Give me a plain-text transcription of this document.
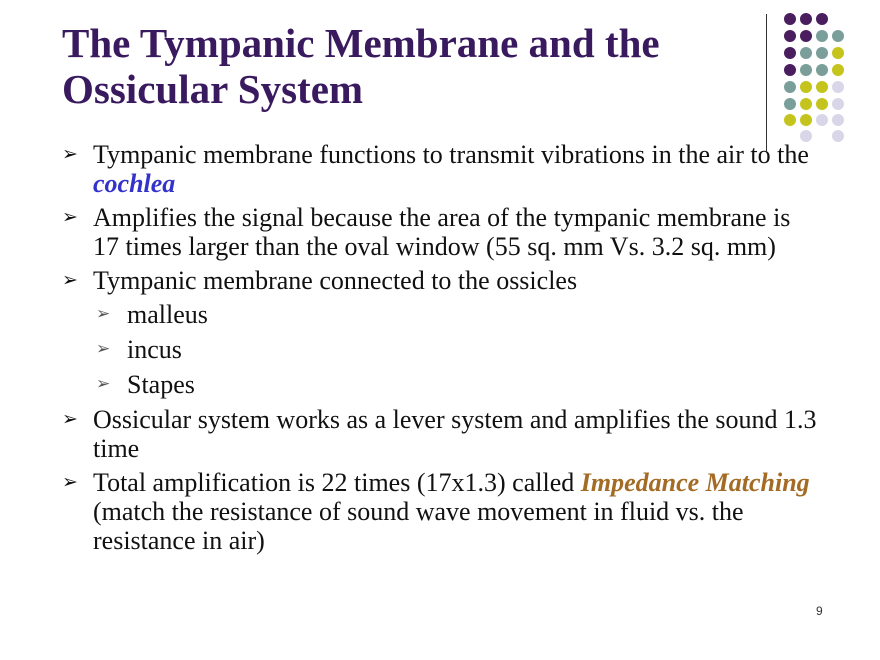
The Tympanic Membrane and the
Ossicular System
➢ Tympanic membrane functions to transmit vibrations in the air to the cochlea
➢ Amplifies the signal because the area of the tympanic membrane is 17 times larger than the oval window (55 sq. mm Vs. 3.2 sq. mm)
➢ Tympanic membrane connected to the ossicles
➢ malleus
➢ incus
➢ Stapes
➢ Ossicular system works as a lever system and amplifies the sound 1.3 time
➢ Total amplification is 22 times (17x1.3) called Impedance Matching (match the resistance of sound wave movement in fluid vs. the resistance in air)
9
